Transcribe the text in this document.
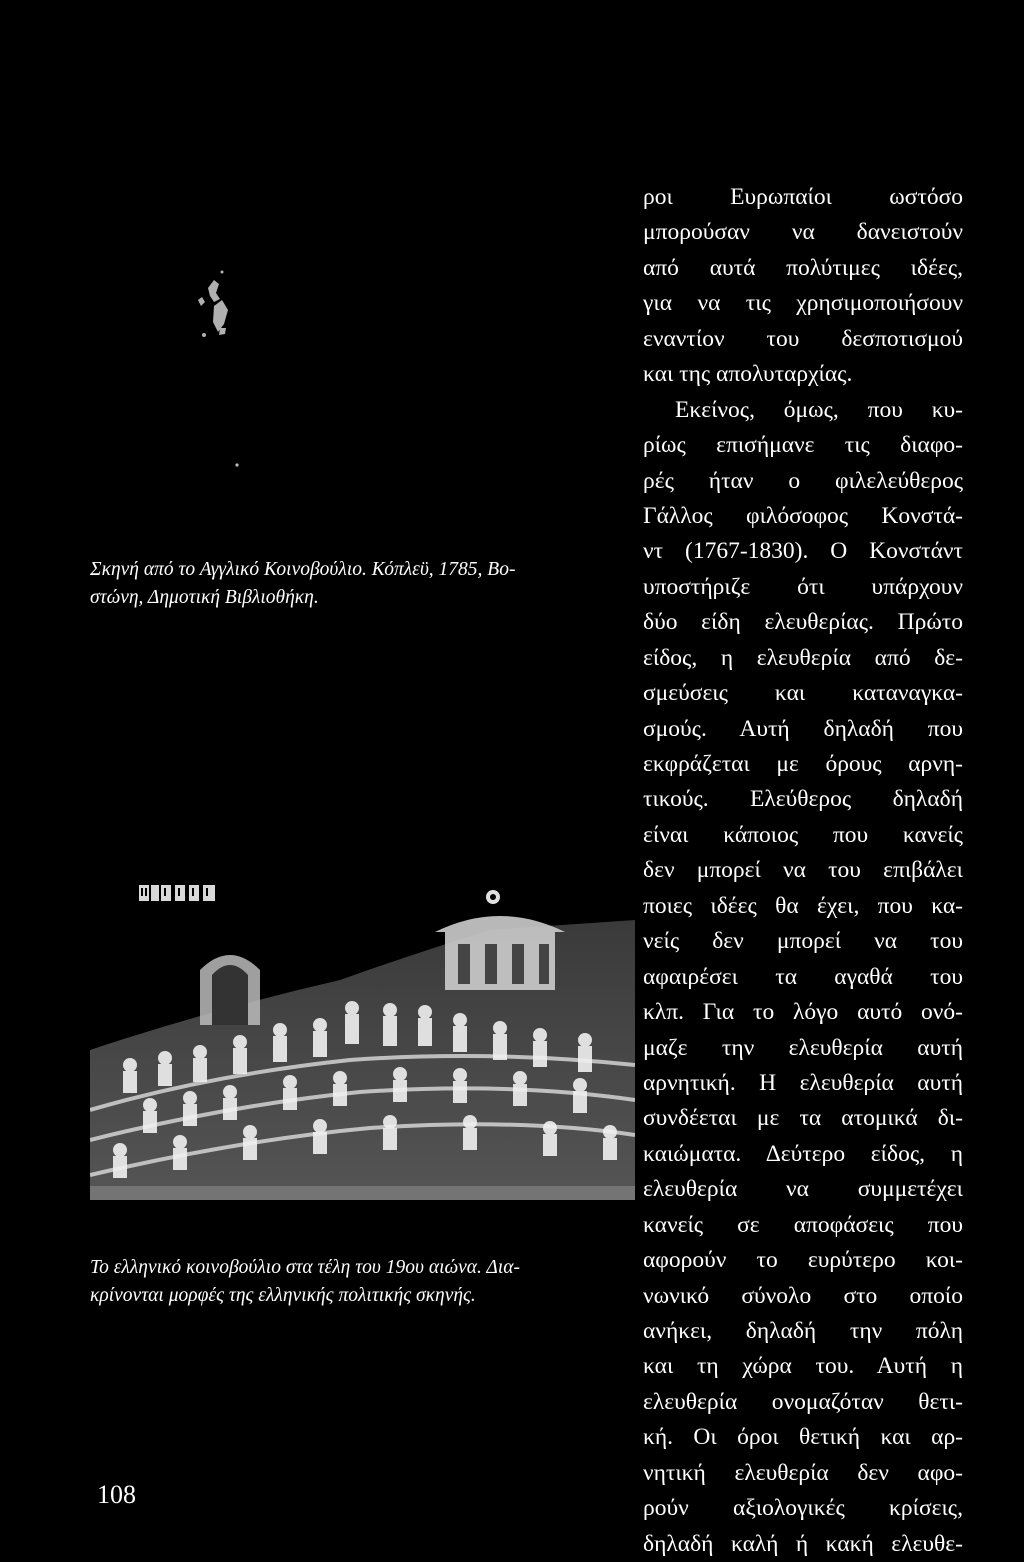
Σκηνή από το Αγγλικό Κοινοβούλιο. Κόπλεϋ, 1785, Βο-
στώνη, Δημοτική Βιβλιοθήκη.
Το ελληνικό κοινοβούλιο στα τέλη του 19ου αιώνα. Δια-
κρίνονται μορφές της ελληνικής πολιτικής σκηνής.
ροι Ευρωπαίοι ωστόσο
μπορούσαν να δανειστούν
από αυτά πολύτιμες ιδέες,
για να τις χρησιμοποιήσουν
εναντίον του δεσποτισμού
και της απολυταρχίας.
Εκείνος, όμως, που κυ-
ρίως επισήμανε τις διαφο-
ρές ήταν ο φιλελεύθερος
Γάλλος φιλόσοφος Κονστά-
ντ (1767-1830). Ο Κονστάντ
υποστήριζε ότι υπάρχουν
δύο είδη ελευθερίας. Πρώτο
είδος, η ελευθερία από δε-
σμεύσεις και καταναγκα-
σμούς. Αυτή δηλαδή που
εκφράζεται με όρους αρνη-
τικούς. Ελεύθερος δηλαδή
είναι κάποιος που κανείς
δεν μπορεί να του επιβάλει
ποιες ιδέες θα έχει, που κα-
νείς δεν μπορεί να του
αφαιρέσει τα αγαθά του
κλπ. Για το λόγο αυτό ονό-
μαζε την ελευθερία αυτή
αρνητική. Η ελευθερία αυτή
συνδέεται με τα ατομικά δι-
καιώματα. Δεύτερο είδος, η
ελευθερία να συμμετέχει
κανείς σε αποφάσεις που
αφορούν το ευρύτερο κοι-
νωνικό σύνολο στο οποίο
ανήκει, δηλαδή την πόλη
και τη χώρα του. Αυτή η
ελευθερία ονομαζόταν θετι-
κή. Οι όροι θετική και αρ-
νητική ελευθερία δεν αφο-
ρούν αξιολογικές κρίσεις,
δηλαδή καλή ή κακή ελευθε-
108
